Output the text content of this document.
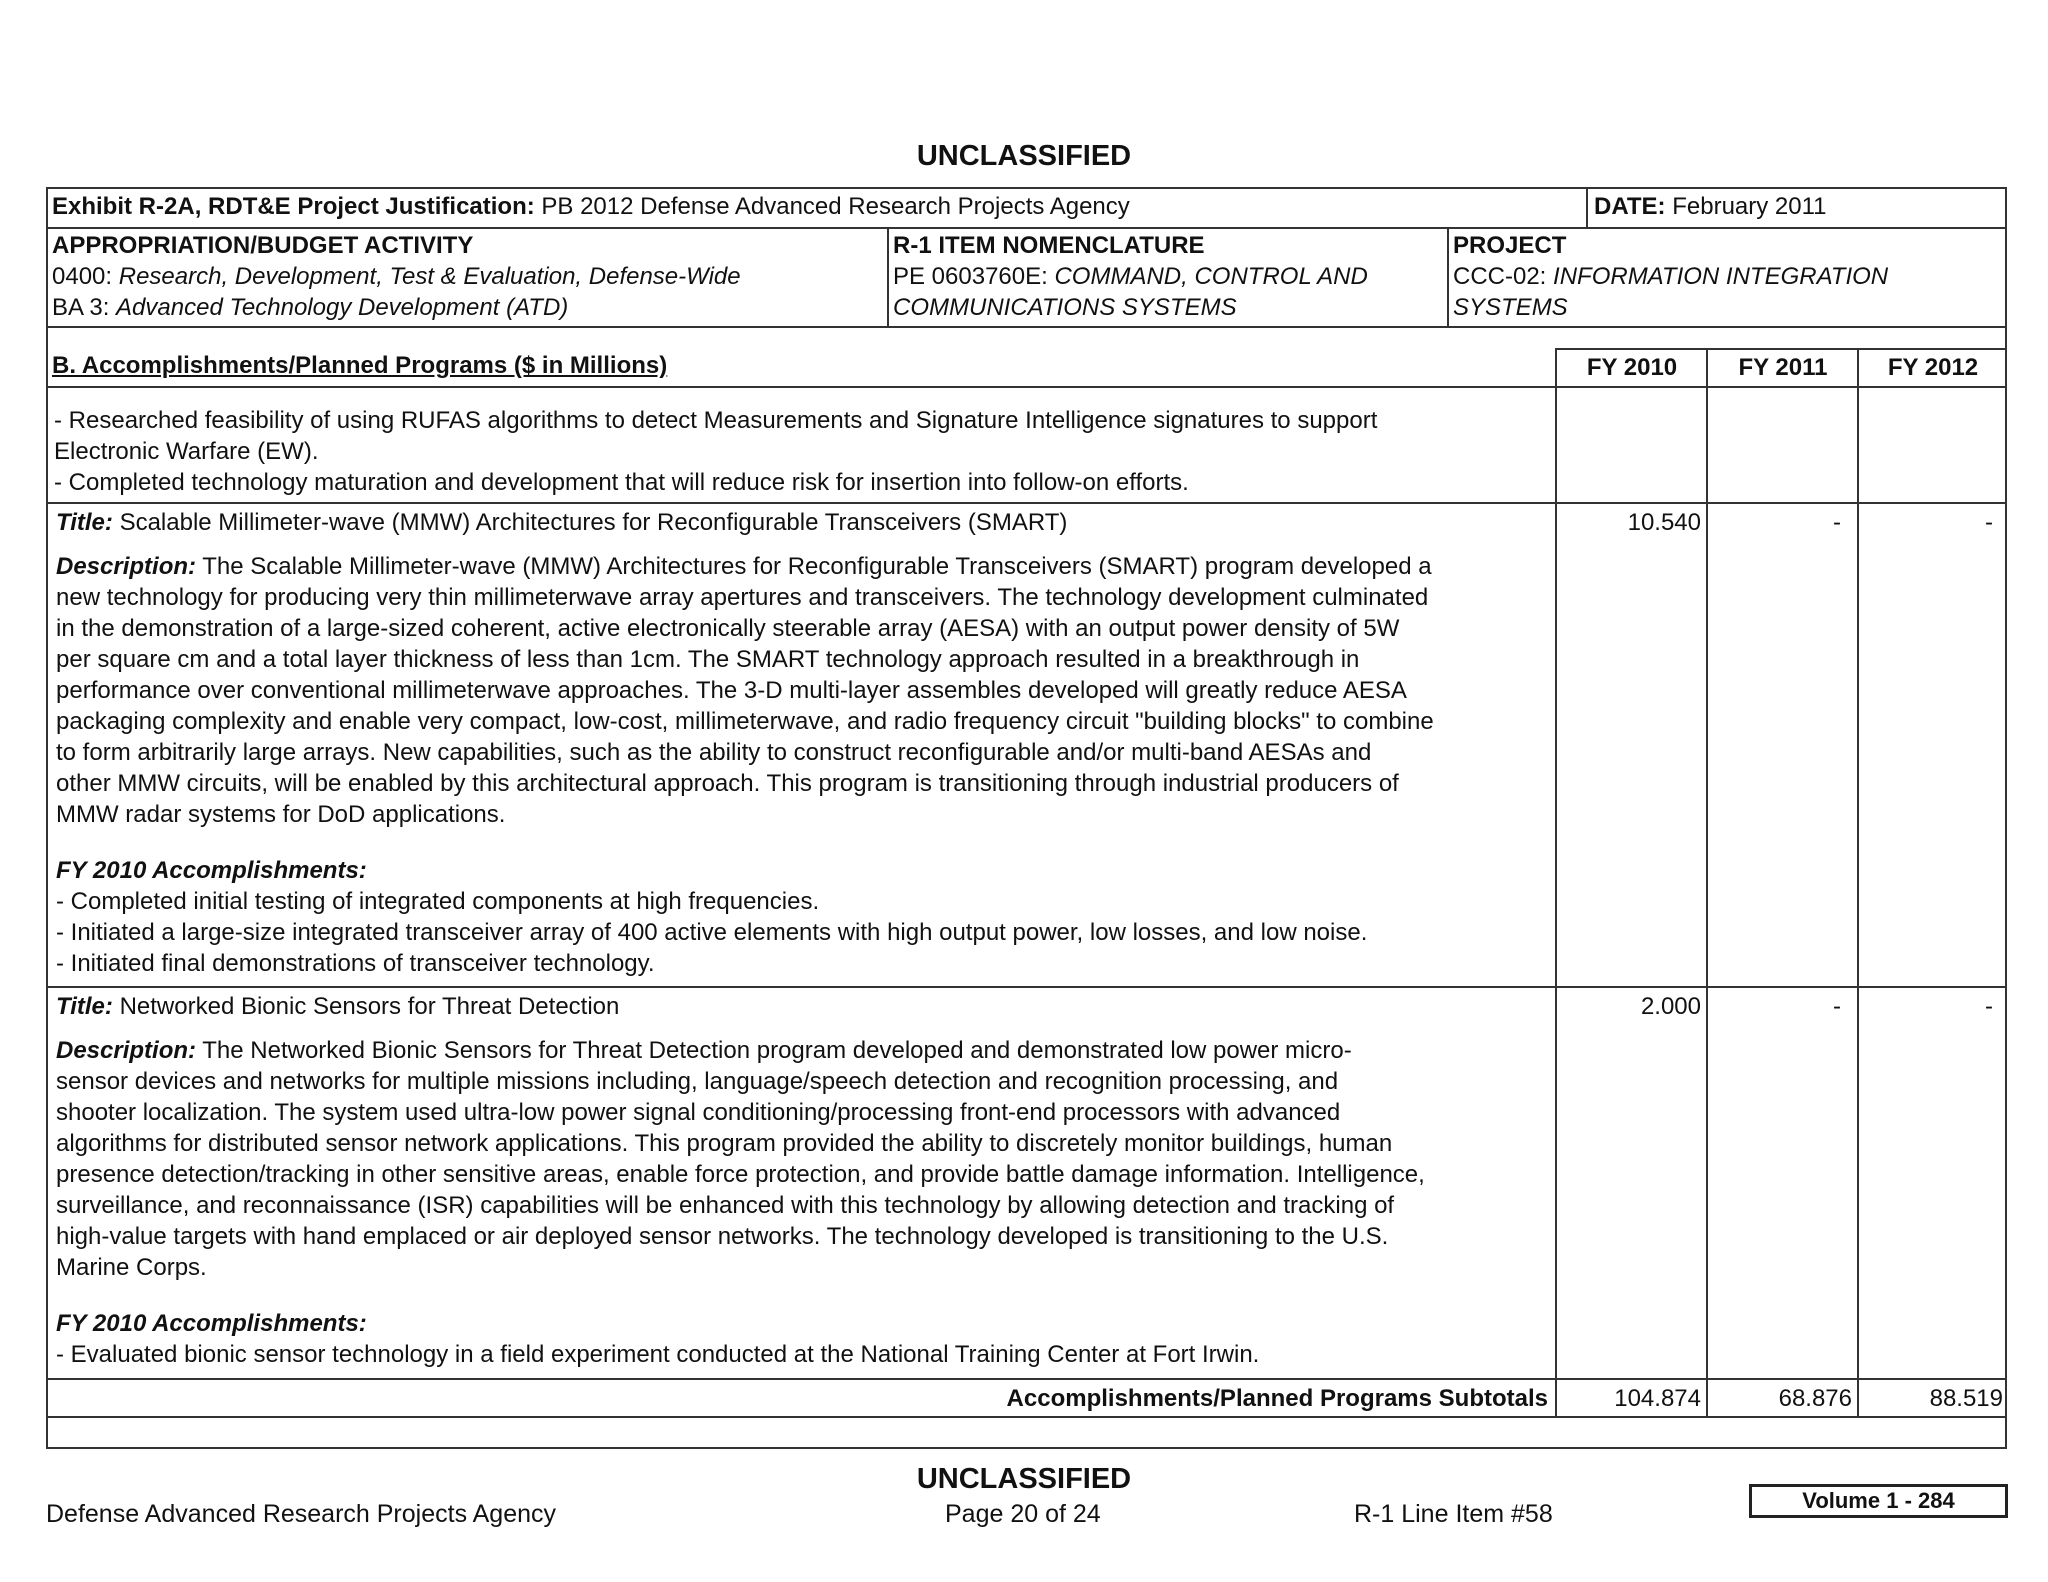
UNCLASSIFIED
Exhibit R-2A, RDT&E Project Justification: PB 2012 Defense Advanced Research Projects Agency	DATE: February 2011
APPROPRIATION/BUDGET ACTIVITY
0400: Research, Development, Test & Evaluation, Defense-Wide
BA 3: Advanced Technology Development (ATD)
R-1 ITEM NOMENCLATURE
PE 0603760E: COMMAND, CONTROL AND
COMMUNICATIONS SYSTEMS
PROJECT
CCC-02: INFORMATION INTEGRATION
SYSTEMS
B. Accomplishments/Planned Programs ($ in Millions)	FY 2010	FY 2011	FY 2012
- Researched feasibility of using RUFAS algorithms to detect Measurements and Signature Intelligence signatures to support
Electronic Warfare (EW).
- Completed technology maturation and development that will reduce risk for insertion into follow-on efforts.

Title: Scalable Millimeter-wave (MMW) Architectures for Reconfigurable Transceivers (SMART)

Description: The Scalable Millimeter-wave (MMW) Architectures for Reconfigurable Transceivers (SMART) program developed a
new technology for producing very thin millimeterwave array apertures and transceivers. The technology development culminated
in the demonstration of a large-sized coherent, active electronically steerable array (AESA) with an output power density of 5W
per square cm and a total layer thickness of less than 1cm. The SMART technology approach resulted in a breakthrough in
performance over conventional millimeterwave approaches. The 3-D multi-layer assembles developed will greatly reduce AESA
packaging complexity and enable very compact, low-cost, millimeterwave, and radio frequency circuit "building blocks" to combine
to form arbitrarily large arrays. New capabilities, such as the ability to construct reconfigurable and/or multi-band AESAs and
other MMW circuits, will be enabled by this architectural approach. This program is transitioning through industrial producers of
MMW radar systems for DoD applications.

FY 2010 Accomplishments:
- Completed initial testing of integrated components at high frequencies.
- Initiated a large-size integrated transceiver array of 400 active elements with high output power, low losses, and low noise.
- Initiated final demonstrations of transceiver technology.

10.540	-	-

Title: Networked Bionic Sensors for Threat Detection

Description: The Networked Bionic Sensors for Threat Detection program developed and demonstrated low power micro-
sensor devices and networks for multiple missions including, language/speech detection and recognition processing, and
shooter localization. The system used ultra-low power signal conditioning/processing front-end processors with advanced
algorithms for distributed sensor network applications. This program provided the ability to discretely monitor buildings, human
presence detection/tracking in other sensitive areas, enable force protection, and provide battle damage information. Intelligence,
surveillance, and reconnaissance (ISR) capabilities will be enhanced with this technology by allowing detection and tracking of
high-value targets with hand emplaced or air deployed sensor networks. The technology developed is transitioning to the U.S.
Marine Corps.

FY 2010 Accomplishments:
- Evaluated bionic sensor technology in a field experiment conducted at the National Training Center at Fort Irwin.

2.000	-	-
Accomplishments/Planned Programs Subtotals	104.874	68.876	88.519
UNCLASSIFIED
Defense Advanced Research Projects Agency	Page 20 of 24	R-1 Line Item #58	Volume 1 - 284
